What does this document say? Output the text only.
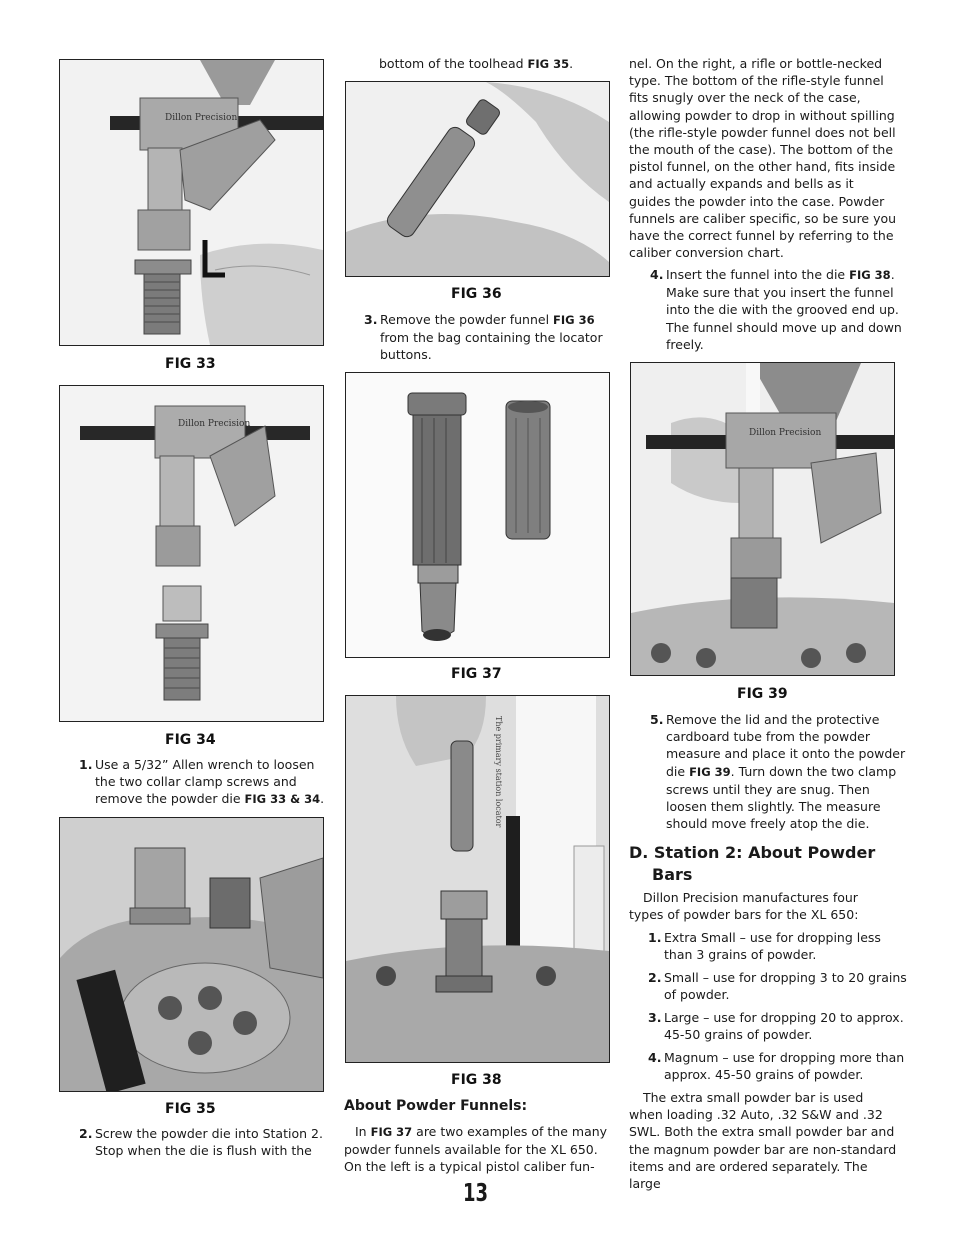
Dillon Precision
FIG 33
Dillon Precision
FIG 34
1. Use a 5/32” Allen wrench to loosen the two collar clamp screws and remove the powder die FIG 33 & 34.
FIG 35
2. Screw the powder die into Station 2. Stop when the die is flush with the
bottom of the toolhead FIG 35.
FIG 36
3. Remove the powder funnel FIG 36 from the bag containing the locator buttons.
FIG 37
The primary station locator
FIG 38
About Powder Funnels:
In FIG 37 are two examples of the many powder funnels available for the XL 650. On the left is a typical pistol caliber fun-
nel. On the right, a rifle or bottle-necked type. The bottom of the rifle-style funnel fits snugly over the neck of the case, allowing powder to drop in without spilling (the rifle-style powder funnel does not bell the mouth of the case). The bottom of the pistol funnel, on the other hand, fits inside and actually expands and bells as it guides the powder into the case. Powder funnels are caliber specific, so be sure you have the correct funnel by referring to the caliber conversion chart.
4. Insert the funnel into the die FIG 38. Make sure that you insert the funnel into the die with the grooved end up. The funnel should move up and down freely.
Dillon Precision
FIG 39
5. Remove the lid and the protective cardboard tube from the powder measure and place it onto the powder die FIG 39. Turn down the two clamp screws until they are snug. Then loosen them slightly. The measure should move freely atop the die.
D. Station 2: About Powder
Bars
Dillon Precision manufactures four types of powder bars for the XL 650:
1. Extra Small – use for dropping less than 3 grains of powder.
2. Small – use for dropping 3 to 20 grains of powder.
3. Large – use for dropping 20 to approx. 45-50 grains of powder.
4. Magnum – use for dropping more than approx. 45-50 grains of powder.
The extra small powder bar is used when loading .32 Auto, .32 S&W and .32 SWL. Both the extra small powder bar and the magnum powder bar are non-standard items and are ordered separately. The large
13
